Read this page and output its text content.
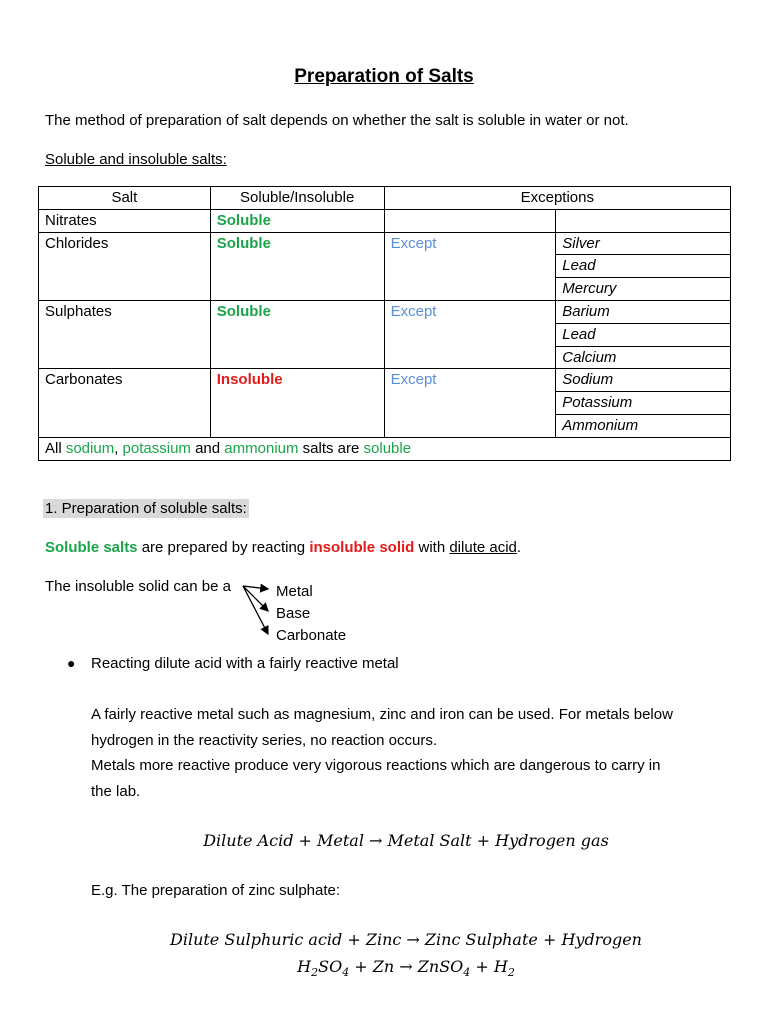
Preparation of Salts
The method of preparation of salt depends on whether the salt is soluble in water or not.
Soluble and insoluble salts:
Salt	Soluble/Insoluble	Exceptions	
Nitrates	Soluble		
Chlorides	Soluble	Except	Silver
			Lead
			Mercury
Sulphates	Soluble	Except	Barium
			Lead
			Calcium
Carbonates	Insoluble	Except	Sodium
			Potassium
			Ammonium
All sodium, potassium and ammonium salts are soluble			
1. Preparation of soluble salts:
Soluble salts are prepared by reacting insoluble solid with dilute acid.
The insoluble solid can be a	Metal
Base
Carbonate
● Reacting dilute acid with a fairly reactive metal
A fairly reactive metal such as magnesium, zinc and iron can be used. For metals below
hydrogen in the reactivity series, no reaction occurs.
Metals more reactive produce very vigorous reactions which are dangerous to carry in
the lab.
Dilute Acid + Metal → Metal Salt + Hydrogen gas
E.g. The preparation of zinc sulphate:
Dilute Sulphuric acid + Zinc → Zinc Sulphate + Hydrogen
$H_2SO_4 + Zn$ → ZnSO$_4$ + $H_2$
